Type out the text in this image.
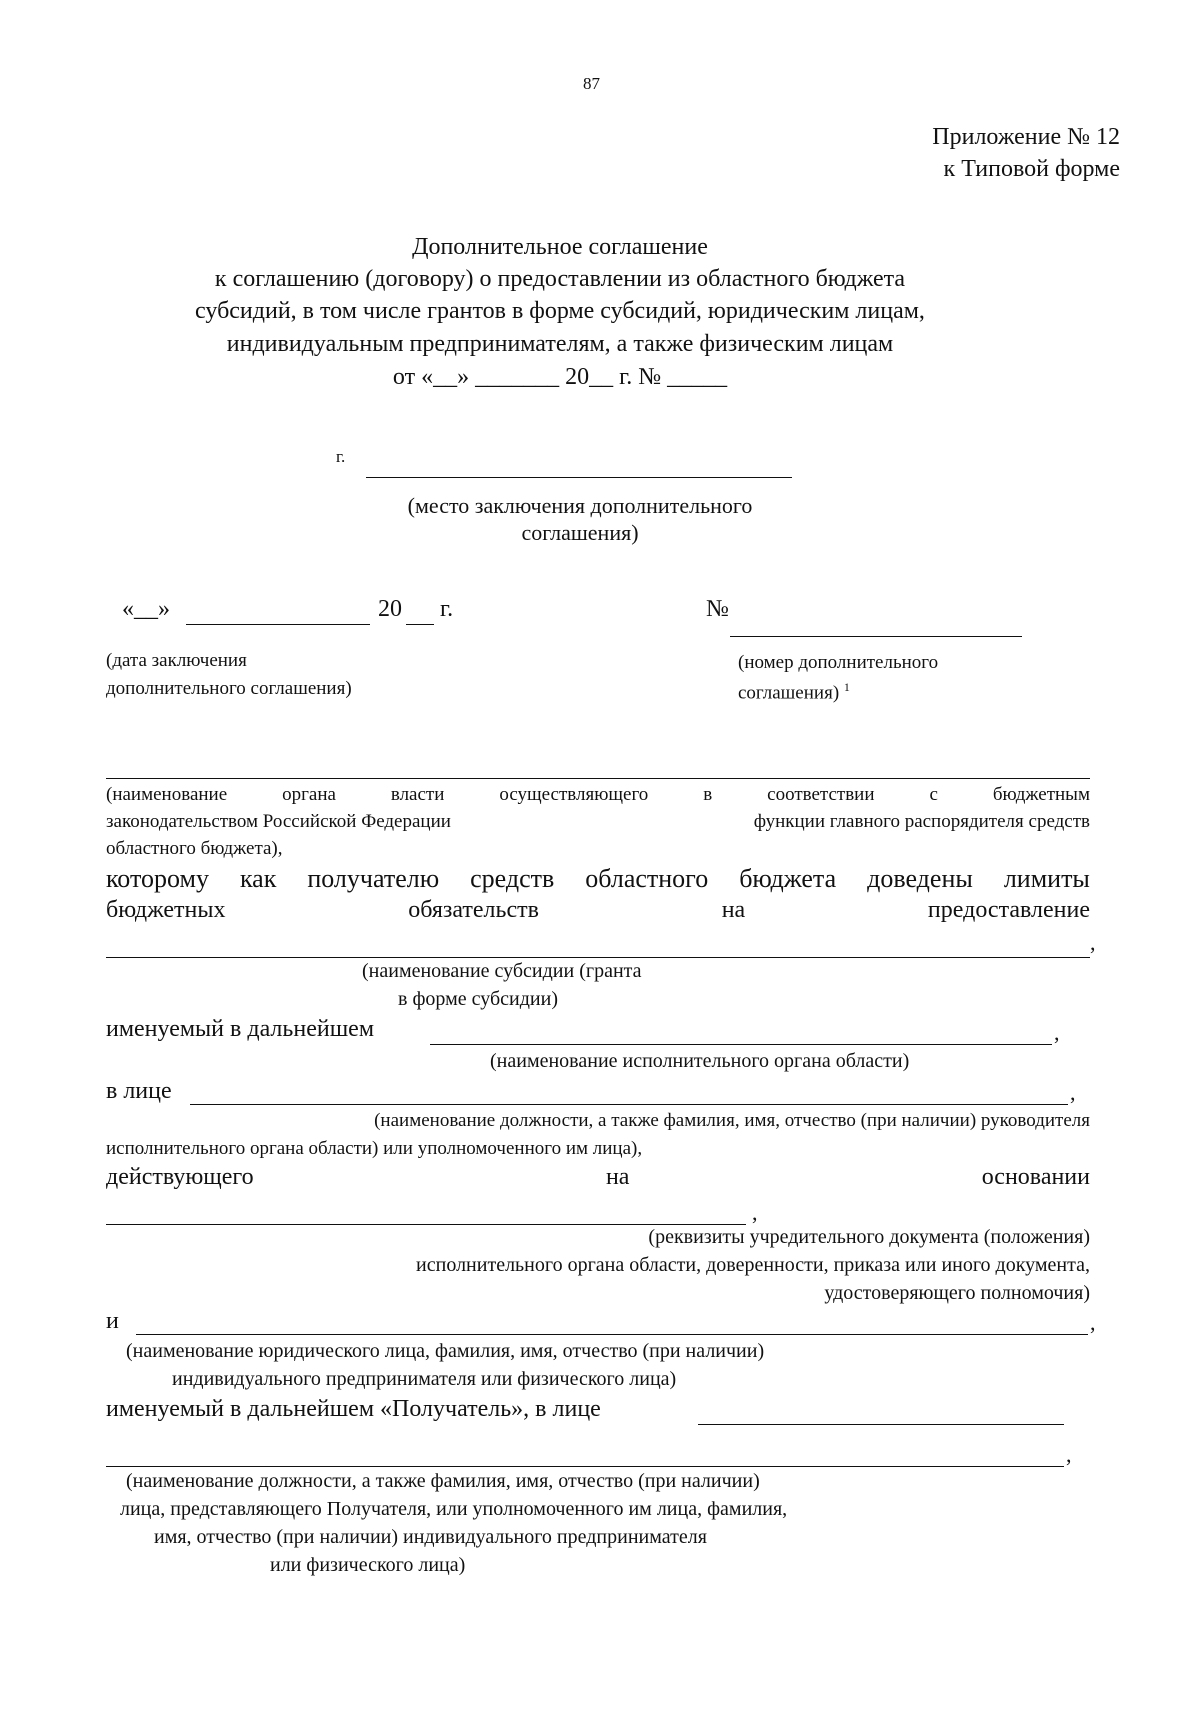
87
Приложение № 12
к Типовой форме
Дополнительное соглашение
к соглашению (договору) о предоставлении из областного бюджета
субсидий, в том числе грантов в форме субсидий, юридическим лицам,
индивидуальным предпринимателям, а также физическим лицам
от «__» _______ 20__ г. № _____
г.
(место заключения дополнительного
соглашения)
«__»	20 г.
(дата заключения
дополнительного соглашения)
№
(номер дополнительного
соглашения) $^1$
(наименование	органа	власти	осуществляющего	в	соответствии	с	бюджетным
законодательством Российской Федерации	функции главного распорядителя средств
областного бюджета),
которому как получателю средств областного бюджета доведены лимиты
бюджетных	обязательств	на	предоставление
,
(наименование субсидии (гранта
в форме субсидии)
именуемый в дальнейшем	,
(наименование исполнительного органа области)
в лице	,
(наименование должности, а также фамилия, имя, отчество (при наличии) руководителя
исполнительного органа области) или уполномоченного им лица),
действующего	на	основании
,
(реквизиты учредительного документа (положения)
исполнительного органа области, доверенности, приказа или иного документа,
удостоверяющего полномочия)
и	,
(наименование юридического лица, фамилия, имя, отчество (при наличии)
индивидуального предпринимателя или физического лица)
именуемый в дальнейшем «Получатель», в лице
,
(наименование должности, а также фамилия, имя, отчество (при наличии)
лица, представляющего Получателя, или уполномоченного им лица, фамилия,
имя, отчество (при наличии) индивидуального предпринимателя
или физического лица)
